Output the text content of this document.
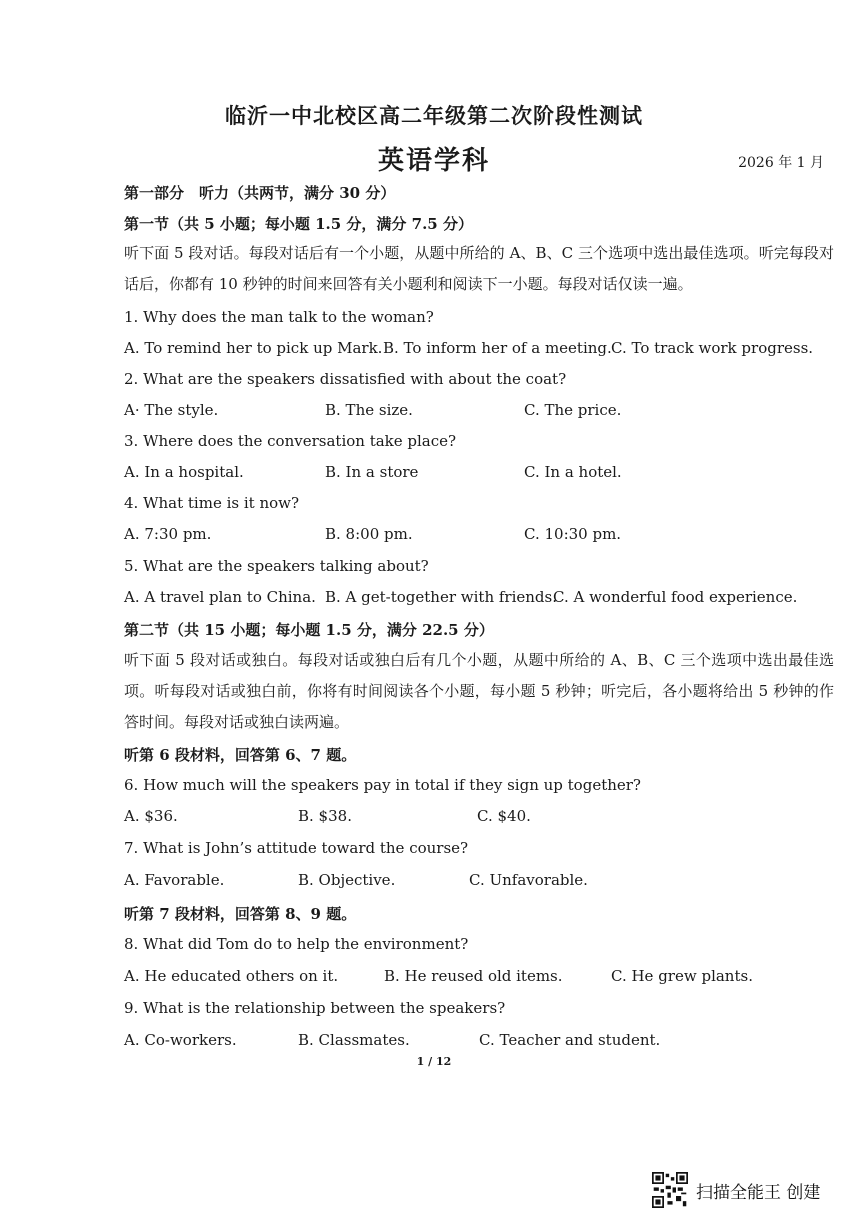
临沂一中北校区高二年级第二次阶段性测试
英语学科	2026 年 1 月
第一部分　听力（共两节，满分 30 分）
第一节（共 5 小题；每小题 1.5 分，满分 7.5 分）
听下面 5 段对话。每段对话后有一个小题，从题中所给的 A、B、C 三个选项中选出最佳选项。听完每段对话后，你都有 10 秒钟的时间来回答有关小题利和阅读下一小题。每段对话仅读一遍。
1. Why does the man talk to the woman?
A. To remind her to pick up Mark. B. To inform her of a meeting. C. To track work progress.
2. What are the speakers dissatisfied with about the coat?
A· The style.	B. The size.	C. The price.
3. Where does the conversation take place?
A. In a hospital.	B. In a store	C. In a hotel.
4. What time is it now?
A. 7:30 pm.	B. 8:00 pm.	C. 10:30 pm.
5. What are the speakers talking about?
A. A travel plan to China. B. A get-together with friends.
C. A wonderful food experience.
第二节（共 15 小题；每小题 1.5 分，满分 22.5 分）
听下面 5 段对话或独白。每段对话或独白后有几个小题，从题中所给的 A、B、C 三个选项中选出最佳选项。听每段对话或独白前，你将有时间阅读各个小题，每小题 5 秒钟；听完后，各小题将给出 5 秒钟的作答时间。每段对话或独白读两遍。
听第 6 段材料，回答第 6、7 题。
6. How much will the speakers pay in total if they sign up together?
A. $36.	B. $38.	C. $40.
7. What is John’s attitude toward the course?
A. Favorable.	B. Objective.	C. Unfavorable.
听第 7 段材料，回答第 8、9 题。
8. What did Tom do to help the environment?
A. He educated others on it.	B. He reused old items.	C. He grew plants.
9. What is the relationship between the speakers?
A. Co-workers.	B. Classmates.	C. Teacher and student.
1 / 12
扫描全能王 创建
